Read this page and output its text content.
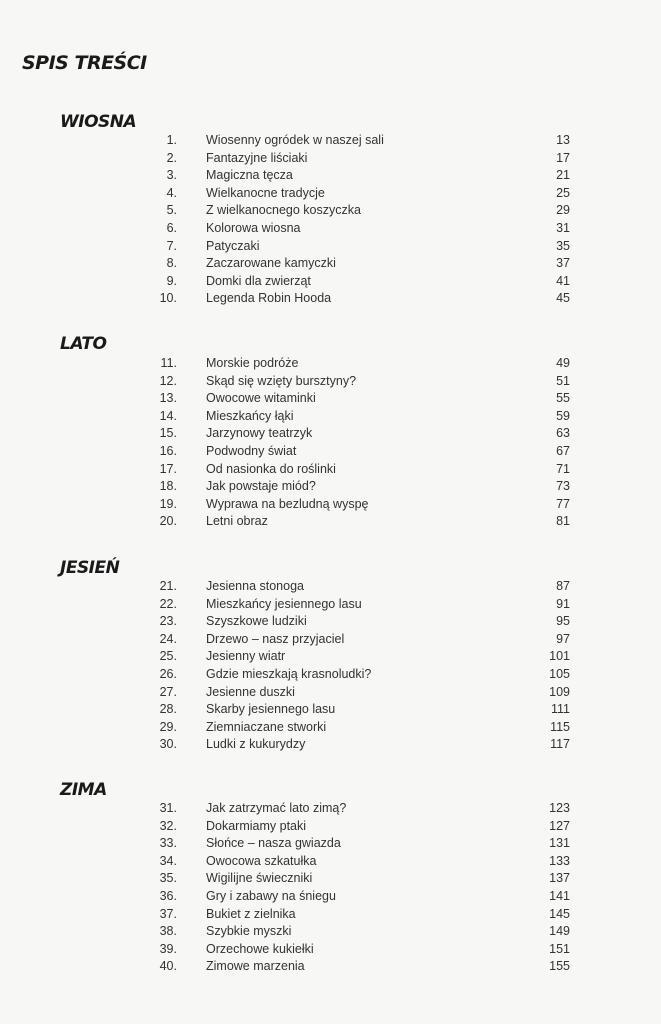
SPIS TREŚCI
WIOSNA
1. Wiosenny ogródek w naszej sali	13
2. Fantazyjne liściaki	17
3. Magiczna tęcza	21
4. Wielkanocne tradycje	25
5. Z wielkanocnego koszyczka	29
6. Kolorowa wiosna	31
7. Patyczaki	35
8. Zaczarowane kamyczki	37
9. Domki dla zwierząt	41
10. Legenda Robin Hooda	45
LATO
11. Morskie podróże	49
12. Skąd się wzięty bursztyny?	51
13. Owocowe witaminki	55
14. Mieszkańcy łąki	59
15. Jarzynowy teatrzyk	63
16. Podwodny świat	67
17. Od nasionka do roślinki	71
18. Jak powstaje miód?	73
19. Wyprawa na bezludną wyspę	77
20. Letni obraz	81
JESIEŃ
21. Jesienna stonoga	87
22. Mieszkańcy jesiennego lasu	91
23. Szyszkowe ludziki	95
24. Drzewo – nasz przyjaciel	97
25. Jesienny wiatr	101
26. Gdzie mieszkają krasnoludki?	105
27. Jesienne duszki	109
28. Skarby jesiennego lasu	111
29. Ziemniaczane stworki	115
30. Ludki z kukurydzy	117
ZIMA
31. Jak zatrzymać lato zimą?	123
32. Dokarmiamy ptaki	127
33. Słońce – nasza gwiazda	131
34. Owocowa szkatułka	133
35. Wigilijne świeczniki	137
36. Gry i zabawy na śniegu	141
37. Bukiet z zielnika	145
38. Szybkie myszki	149
39. Orzechowe kukiełki	151
40. Zimowe marzenia	155
